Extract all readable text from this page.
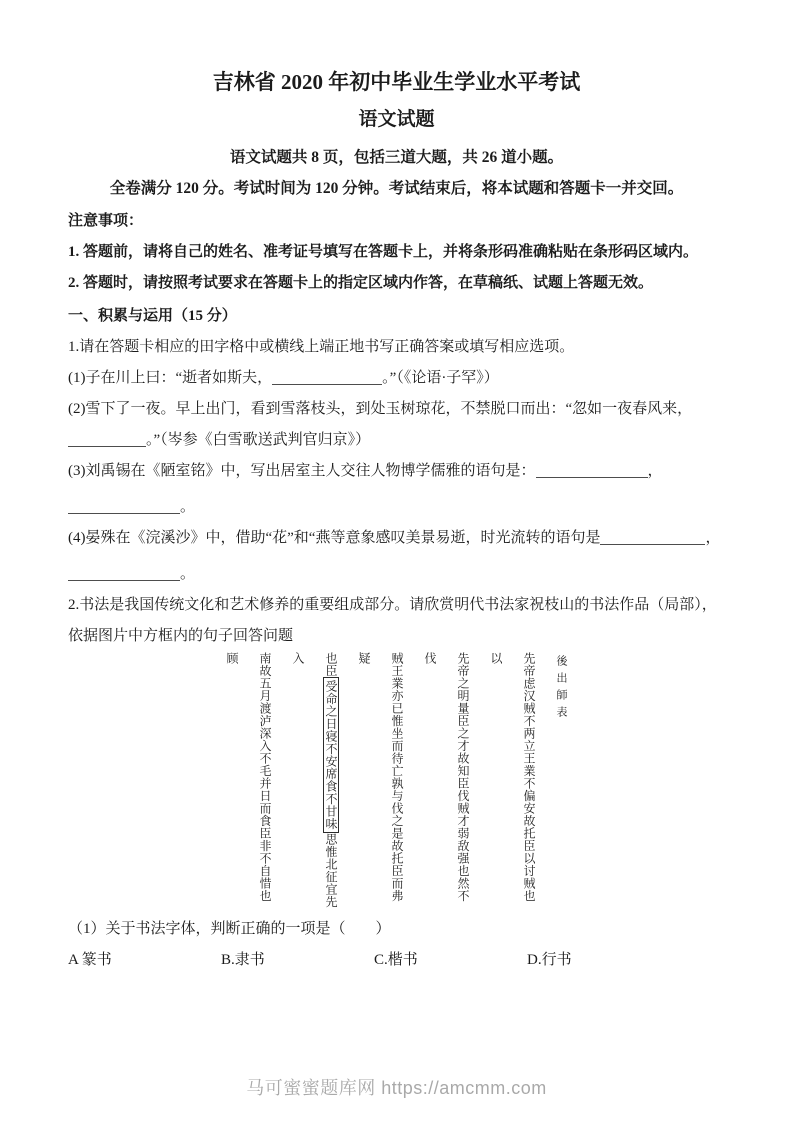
吉林省 2020 年初中毕业生学业水平考试
语文试题

语文试题共 8 页，包括三道大题，共 26 道小题。

全卷满分 120 分。考试时间为 120 分钟。考试结束后，将本试题和答题卡一并交回。

注意事项：

1. 答题前，请将自己的姓名、准考证号填写在答题卡上，并将条形码准确粘贴在条形码区域内。

2. 答题时，请按照考试要求在答题卡上的指定区域内作答，在草稿纸、试题上答题无效。

一、积累与运用（15 分）

1.请在答题卡相应的田字格中或横线上端正地书写正确答案或填写相应选项。

(1)子在川上曰：“逝者如斯夫，	。”（《论语·子罕》）

(2)雪下了一夜。早上出门，看到雪落枝头，到处玉树琼花，不禁脱口而出：“忽如一夜春风来，

。”（岑参《白雪歌送武判官归京》）

(3)刘禹锡在《陋室铭》中，写出居室主人交往人物博学儒雅的语句是：	，

。

(4)晏殊在《浣溪沙》中，借助“花”和“燕等意象感叹美景易逝，时光流转的语句是	，

。

2.书法是我国传统文化和艺术修养的重要组成部分。请欣赏明代书法家祝枝山的书法作品（局部），依据图片中方框内的句子回答问题

後出師表
先帝虑汉贼不两立王業不偏安故托臣以讨贼也以
先帝之明量臣之才故知臣伐贼才弱敌强也然不伐
贼王業亦已惟坐而待亡孰与伐之是故托臣而弗疑
也臣受命之日寝不安席食不甘味思惟北征宜先入
南故五月渡泸深入不毛并日而食臣非不自惜也顾

（1）关于书法字体，判断正确的一项是（　　）

A 篆书	B.隶书	C.楷书	D.行书
马可蜜蜜题库网 https://amcmm.com
